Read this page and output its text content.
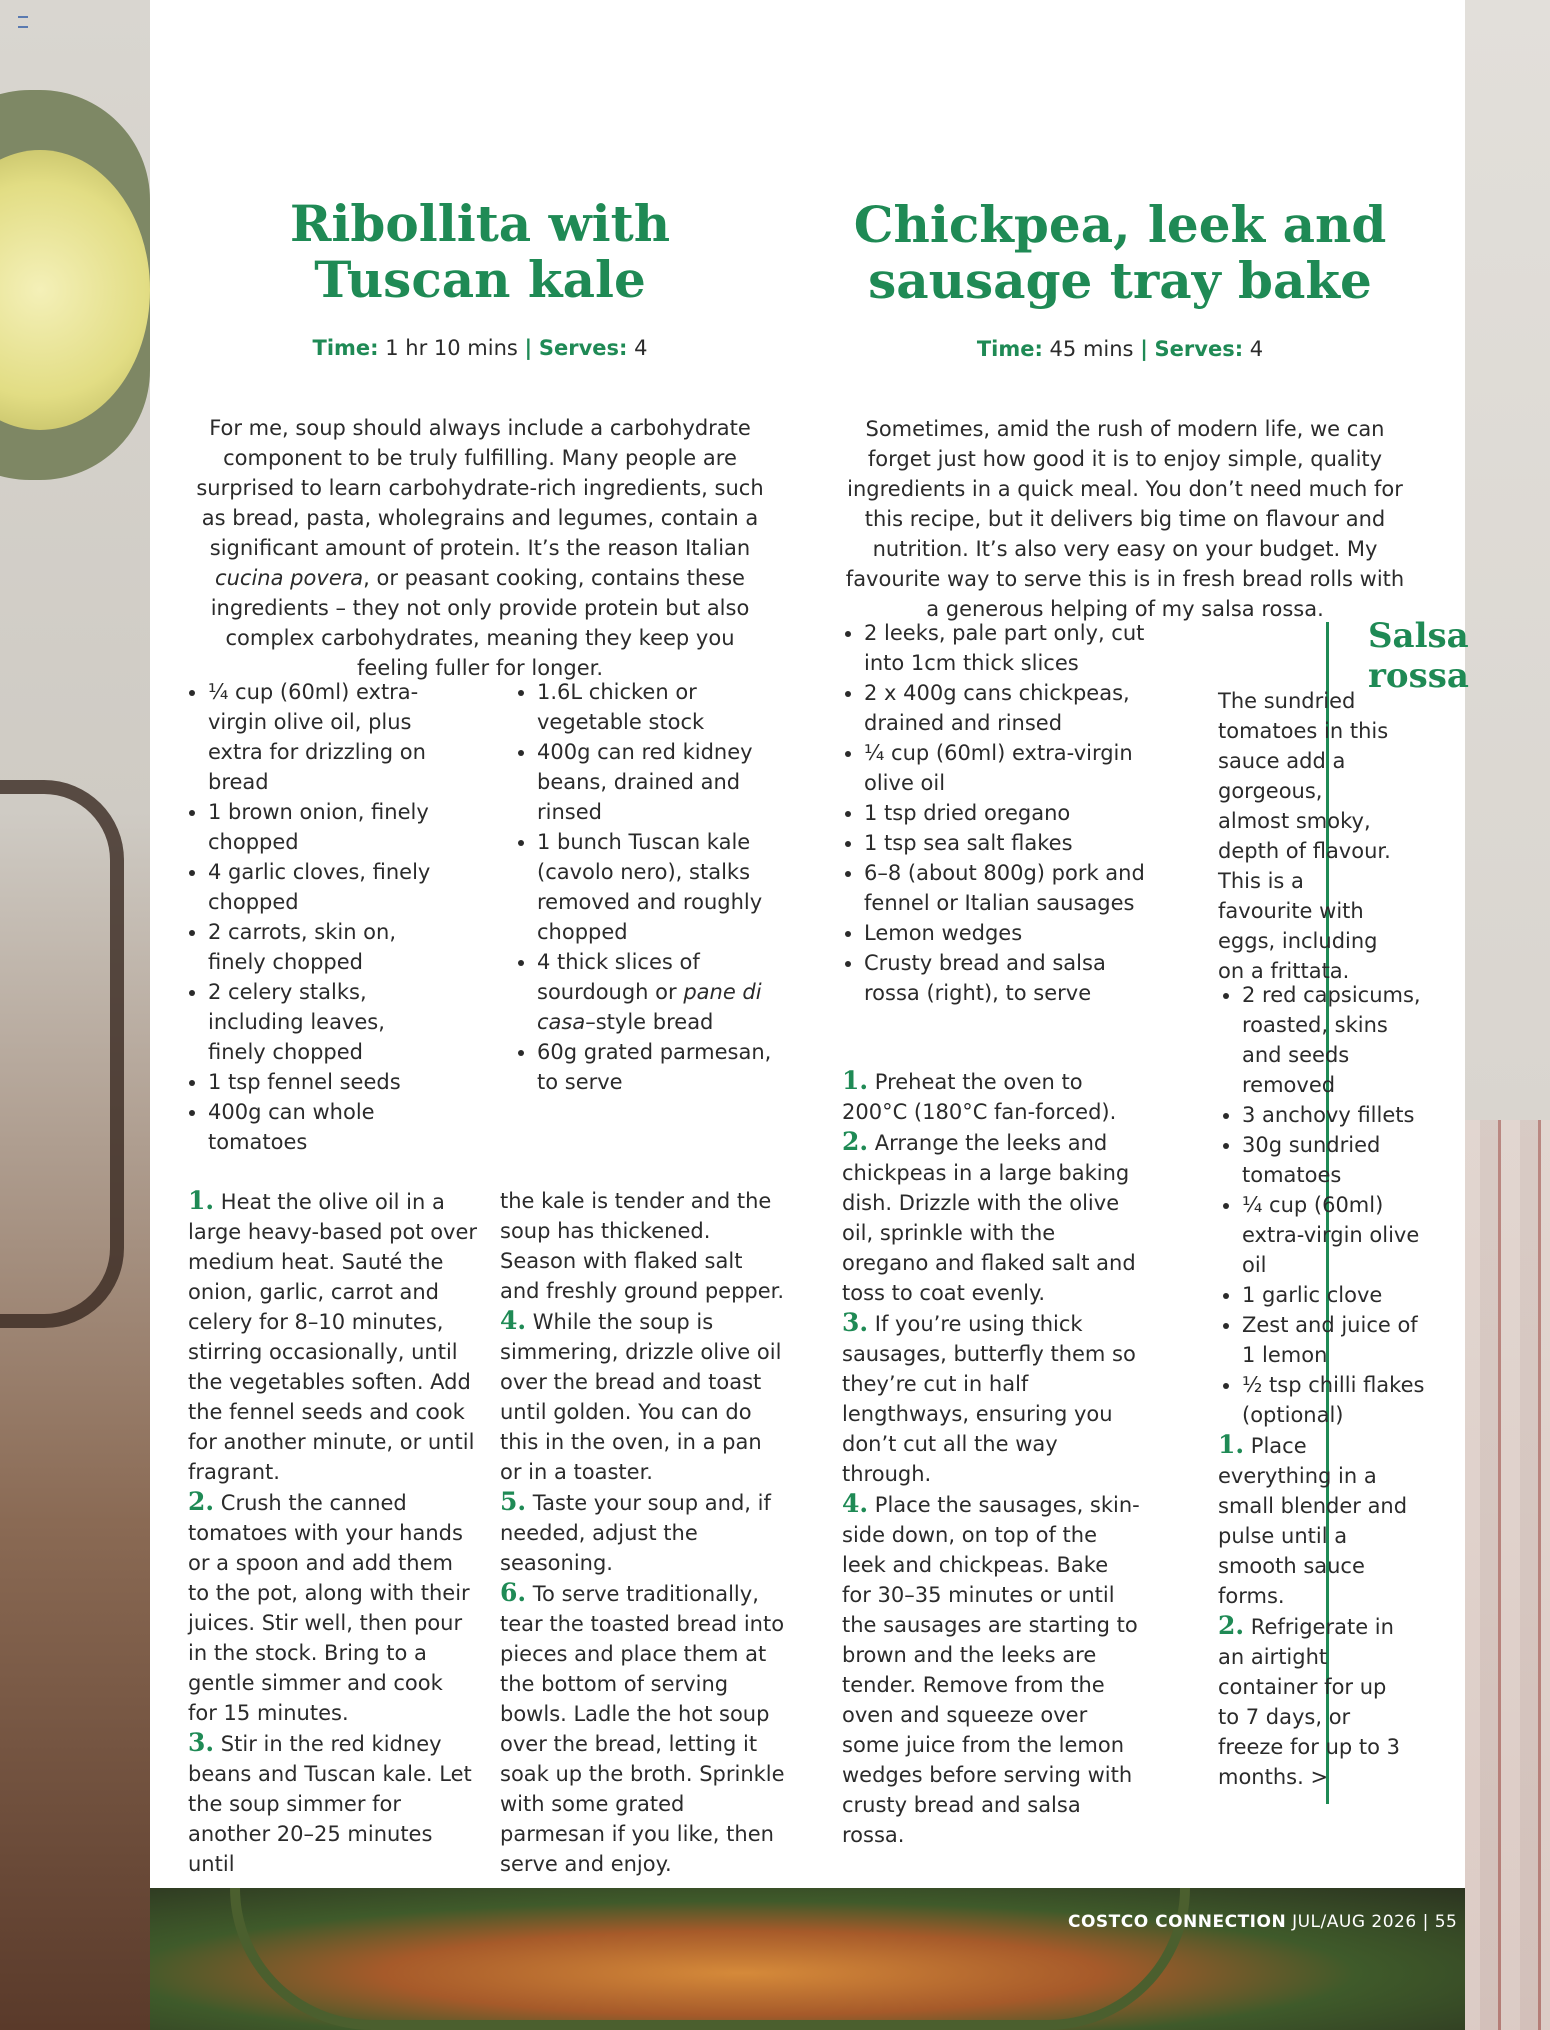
Ribollita with
Tuscan kale
Time: 1 hr 10 mins | Serves: 4

For me, soup should always include a carbohydrate component to be truly fulfilling. Many people are surprised to learn carbohydrate-rich ingredients, such as bread, pasta, wholegrains and legumes, contain a significant amount of protein. It’s the reason Italian cucina povera, or peasant cooking, contains these ingredients – they not only provide protein but also complex carbohydrates, meaning they keep you feeling fuller for longer.

• ¼ cup (60ml) extra-virgin olive oil, plus extra for drizzling on bread
• 1 brown onion, finely chopped
• 4 garlic cloves, finely chopped
• 2 carrots, skin on, finely chopped
• 2 celery stalks, including leaves, finely chopped
• 1 tsp fennel seeds
• 400g can whole tomatoes
• 1.6L chicken or vegetable stock
• 400g can red kidney beans, drained and rinsed
• 1 bunch Tuscan kale (cavolo nero), stalks removed and roughly chopped
• 4 thick slices of sourdough or pane di casa–style bread
• 60g grated parmesan, to serve
1. Heat the olive oil in a large heavy-based pot over medium heat. Sauté the onion, garlic, carrot and celery for 8–10 minutes, stirring occasionally, until the vegetables soften. Add the fennel seeds and cook for another minute, or until fragrant.
2. Crush the canned tomatoes with your hands or a spoon and add them to the pot, along with their juices. Stir well, then pour in the stock. Bring to a gentle simmer and cook for 15 minutes.
3. Stir in the red kidney beans and Tuscan kale. Let the soup simmer for another 20–25 minutes until
the kale is tender and the soup has thickened. Season with flaked salt and freshly ground pepper.
4. While the soup is simmering, drizzle olive oil over the bread and toast until golden. You can do this in the oven, in a pan or in a toaster.
5. Taste your soup and, if needed, adjust the seasoning.
6. To serve traditionally, tear the toasted bread into pieces and place them at the bottom of serving bowls. Ladle the hot soup over the bread, letting it soak up the broth. Sprinkle with some grated parmesan if you like, then serve and enjoy.
Chickpea, leek and
sausage tray bake
Time: 45 mins | Serves: 4

Sometimes, amid the rush of modern life, we can forget just how good it is to enjoy simple, quality ingredients in a quick meal. You don’t need much for this recipe, but it delivers big time on flavour and nutrition. It’s also very easy on your budget. My favourite way to serve this is in fresh bread rolls with a generous helping of my salsa rossa.

• 2 leeks, pale part only, cut into 1cm thick slices
• 2 x 400g cans chickpeas, drained and rinsed
• ¼ cup (60ml) extra-virgin olive oil
• 1 tsp dried oregano
• 1 tsp sea salt flakes
• 6–8 (about 800g) pork and fennel or Italian sausages
• Lemon wedges
• Crusty bread and salsa rossa (right), to serve
1. Preheat the oven to 200°C (180°C fan-forced).
2. Arrange the leeks and chickpeas in a large baking dish. Drizzle with the olive oil, sprinkle with the oregano and flaked salt and toss to coat evenly.
3. If you’re using thick sausages, butterfly them so they’re cut in half lengthways, ensuring you don’t cut all the way through.
4. Place the sausages, skin-side down, on top of the leek and chickpeas. Bake for 30–35 minutes or until the sausages are starting to brown and the leeks are tender. Remove from the oven and squeeze over some juice from the lemon wedges before serving with crusty bread and salsa rossa.
Salsa rossa

The sundried tomatoes in this sauce add a gorgeous, almost smoky, depth of flavour. This is a favourite with eggs, including on a frittata.

• 2 red capsicums, roasted, skins and seeds removed
• 3 anchovy fillets
• 30g sundried tomatoes
• ¼ cup (60ml) extra-virgin olive oil
• 1 garlic clove
• Zest and juice of 1 lemon
• ½ tsp chilli flakes (optional)
1. Place everything in a small blender and pulse until a smooth sauce forms.
2. Refrigerate in an airtight container for up to 7 days, or freeze for up to 3 months. >
COSTCO CONNECTION JUL/AUG 2026 | 55
